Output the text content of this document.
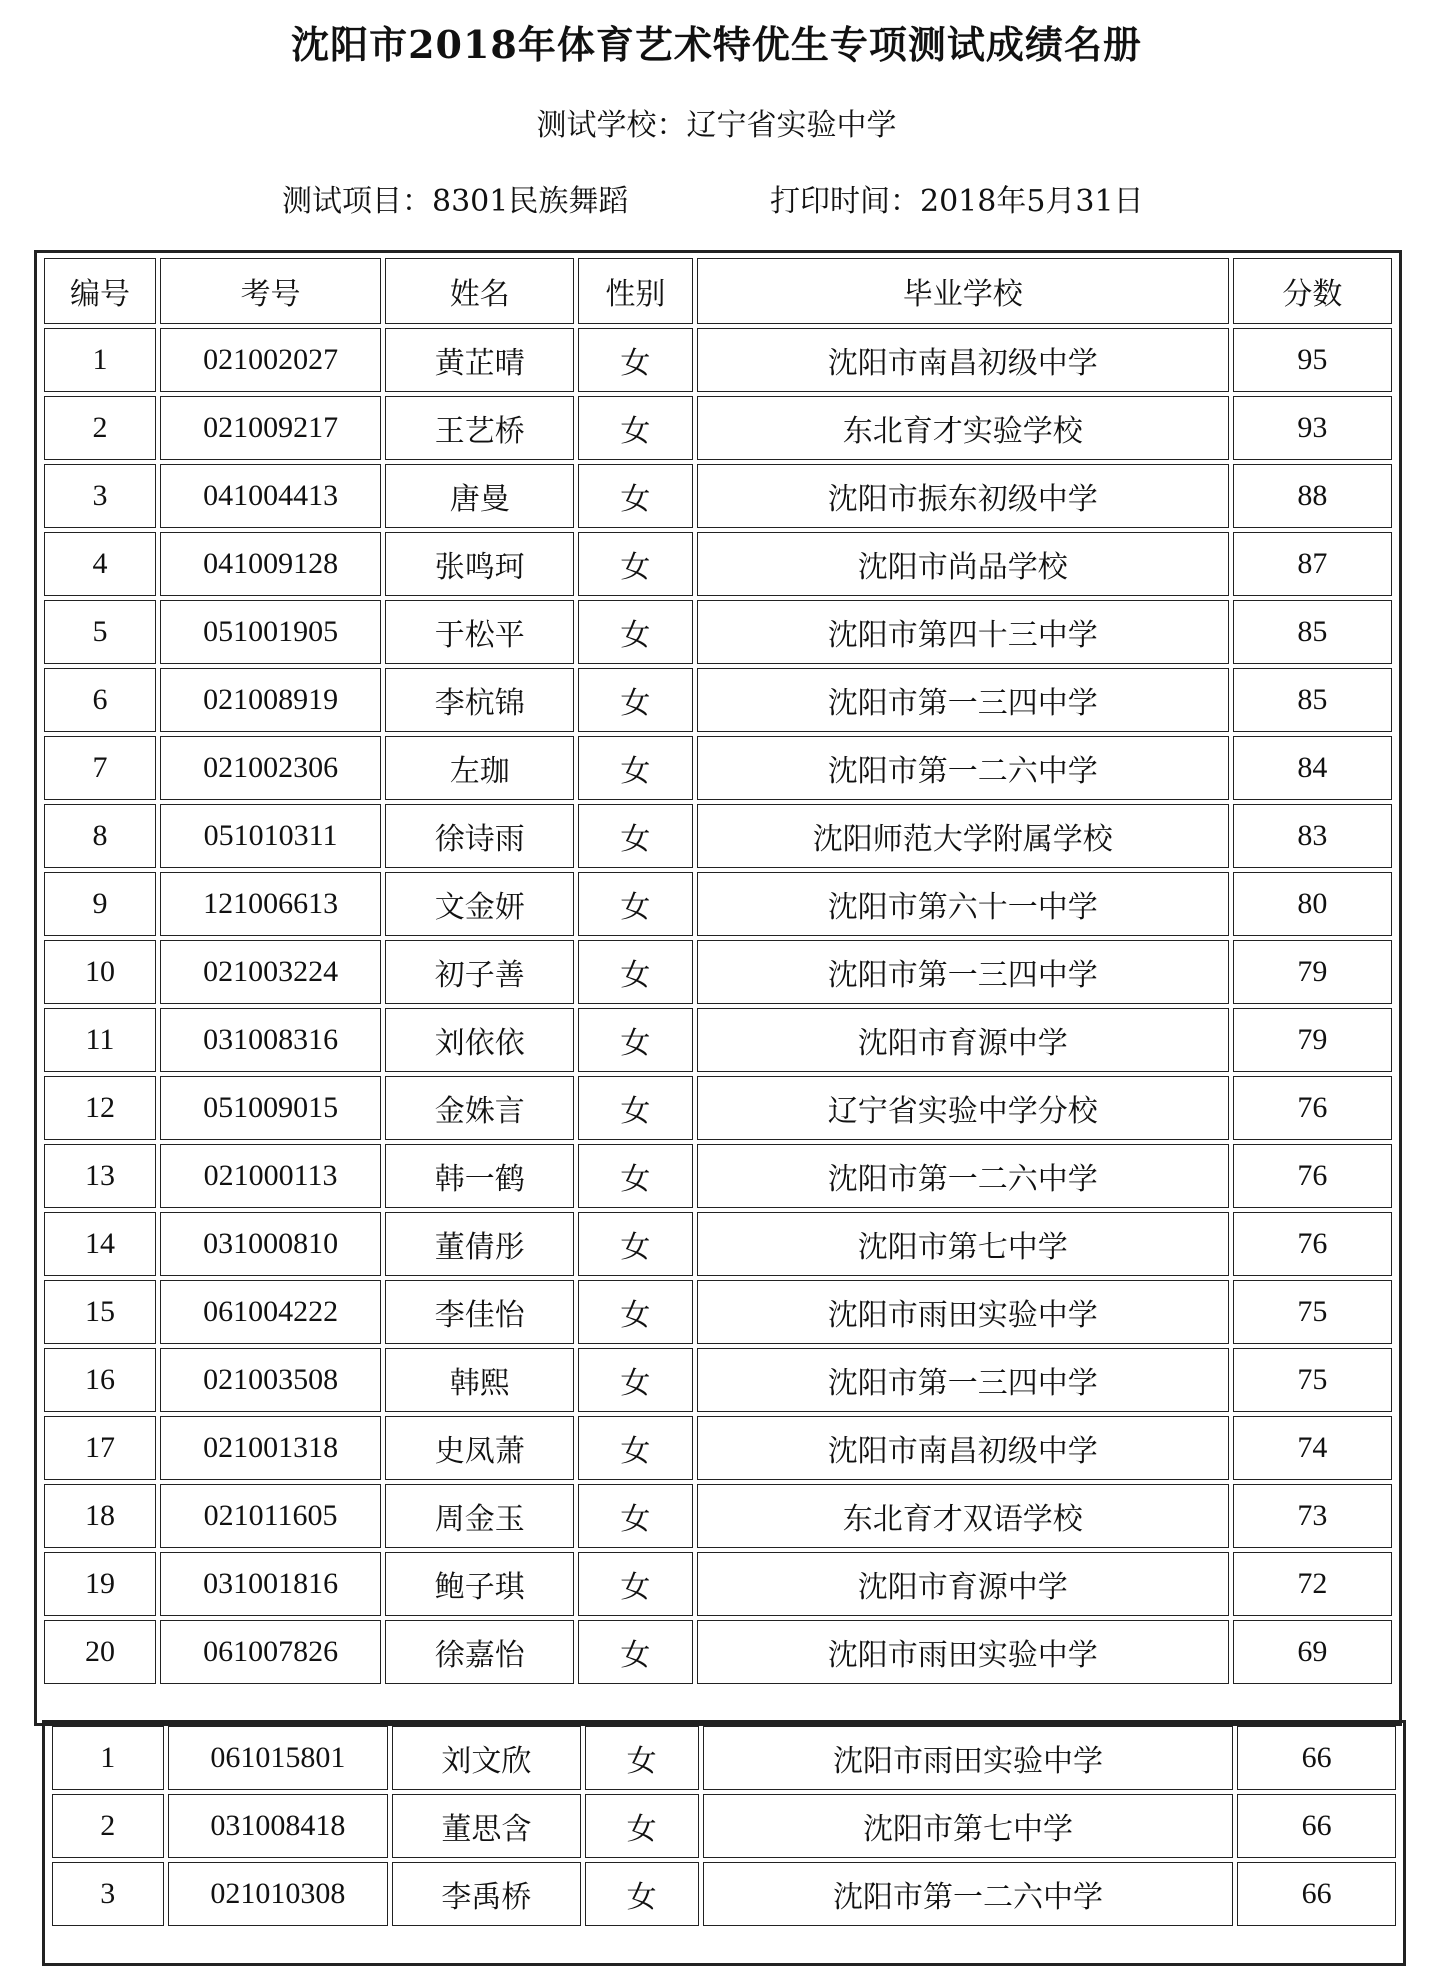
沈阳市2018年体育艺术特优生专项测试成绩名册
测试学校：辽宁省实验中学
测试项目：8301民族舞蹈	打印时间：2018年5月31日
编号	考号	姓名	性别	毕业学校	分数
1	021002027	黄芷晴	女	沈阳市南昌初级中学	95
2	021009217	王艺桥	女	东北育才实验学校	93
3	041004413	唐曼	女	沈阳市振东初级中学	88
4	041009128	张鸣珂	女	沈阳市尚品学校	87
5	051001905	于松平	女	沈阳市第四十三中学	85
6	021008919	李杭锦	女	沈阳市第一三四中学	85
7	021002306	左珈	女	沈阳市第一二六中学	84
8	051010311	徐诗雨	女	沈阳师范大学附属学校	83
9	121006613	文金妍	女	沈阳市第六十一中学	80
10	021003224	初子善	女	沈阳市第一三四中学	79
11	031008316	刘依依	女	沈阳市育源中学	79
12	051009015	金姝言	女	辽宁省实验中学分校	76
13	021000113	韩一鹤	女	沈阳市第一二六中学	76
14	031000810	董倩彤	女	沈阳市第七中学	76
15	061004222	李佳怡	女	沈阳市雨田实验中学	75
16	021003508	韩熙	女	沈阳市第一三四中学	75
17	021001318	史凤萧	女	沈阳市南昌初级中学	74
18	021011605	周金玉	女	东北育才双语学校	73
19	031001816	鲍子琪	女	沈阳市育源中学	72
20	061007826	徐嘉怡	女	沈阳市雨田实验中学	69
1	061015801	刘文欣	女	沈阳市雨田实验中学	66
2	031008418	董思含	女	沈阳市第七中学	66
3	021010308	李禹桥	女	沈阳市第一二六中学	66
